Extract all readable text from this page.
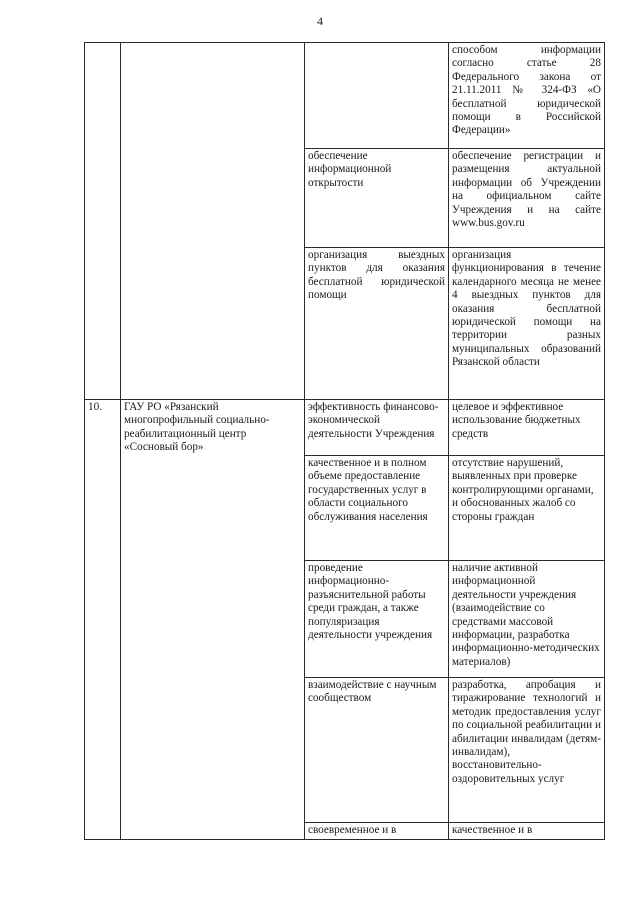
4
			способом информации согласно статье 28 Федерального закона от 21.11.2011 № 324-ФЗ «О бесплатной юридической помощи в Российской Федерации»
		обеспечение информационной открытости	обеспечение регистрации и размещения актуальной информации об Учреждении на официальном сайте Учреждения и на сайте www.bus.gov.ru
		организация выездных пунктов для оказания бесплатной юридической помощи	организация функционирования в течение календарного месяца не менее 4 выездных пунктов для оказания бесплатной юридической помощи на территории разных муниципальных образований Рязанской области
10.	ГАУ РО «Рязанский многопрофильный социально-реабилитационный центр «Сосновый бор»	эффективность финансово-экономической деятельности Учреждения	целевое и эффективное использование бюджетных средств
		качественное и в полном объеме предоставление государственных услуг в области социального обслуживания населения	отсутствие нарушений, выявленных при проверке контролирующими органами, и обоснованных жалоб со стороны граждан
		проведение информационно-разъяснительной работы среди граждан, а также популяризация деятельности учреждения	наличие активной информационной деятельности учреждения (взаимодействие со средствами массовой информации, разработка информационно-методических материалов)
		взаимодействие с научным сообществом	разработка, апробация и тиражирование технологий и методик предоставления услуг по социальной реабилитации и абилитации инвалидам (детям-инвалидам), восстановительно-оздоровительных услуг
		своевременное и в	качественное и в
